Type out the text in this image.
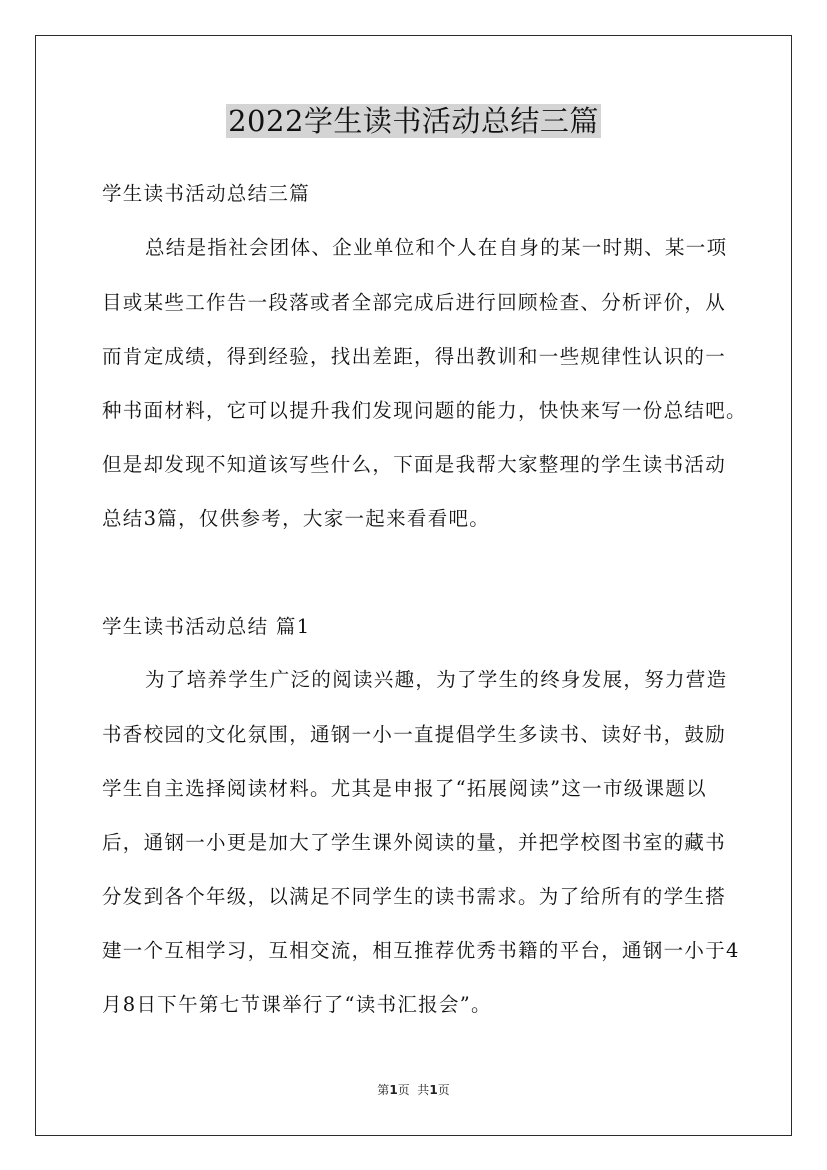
2022学生读书活动总结三篇
学生读书活动总结三篇
总结是指社会团体、企业单位和个人在自身的某一时期、某一项
目或某些工作告一段落或者全部完成后进行回顾检查、分析评价，从
而肯定成绩，得到经验，找出差距，得出教训和一些规律性认识的一
种书面材料，它可以提升我们发现问题的能力，快快来写一份总结吧。
但是却发现不知道该写些什么，下面是我帮大家整理的学生读书活动
总结3篇，仅供参考，大家一起来看看吧。
学生读书活动总结 篇1
为了培养学生广泛的阅读兴趣，为了学生的终身发展，努力营造
书香校园的文化氛围，通钢一小一直提倡学生多读书、读好书，鼓励
学生自主选择阅读材料。尤其是申报了“拓展阅读”这一市级课题以
后，通钢一小更是加大了学生课外阅读的量，并把学校图书室的藏书
分发到各个年级，以满足不同学生的读书需求。为了给所有的学生搭
建一个互相学习，互相交流，相互推荐优秀书籍的平台，通钢一小于4
月8日下午第七节课举行了“读书汇报会”。
第1页  共1页
